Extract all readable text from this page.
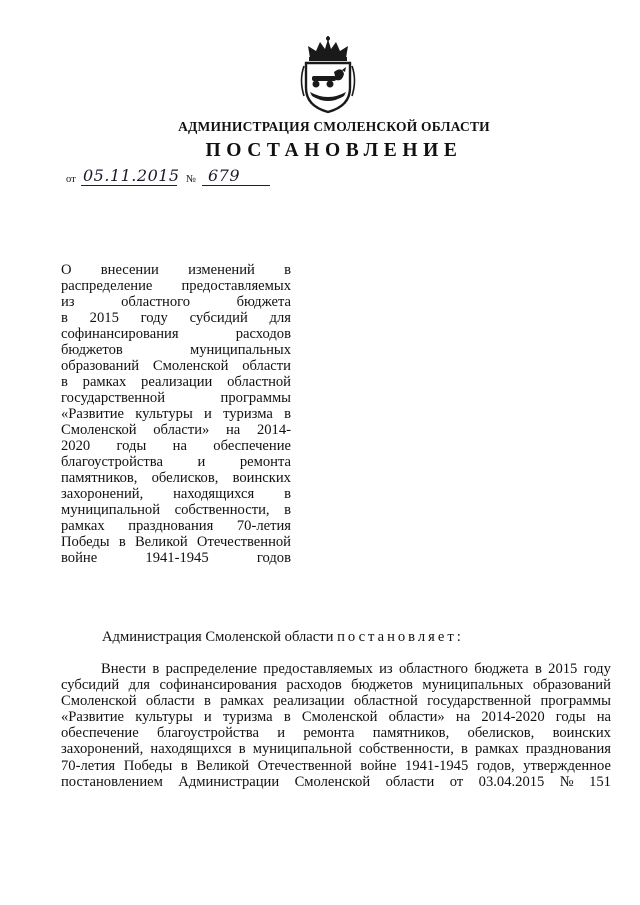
АДМИНИСТРАЦИЯ СМОЛЕНСКОЙ ОБЛАСТИ
ПОСТАНОВЛЕНИЕ
от 05.11.2015 № 679
О внесении изменений в
распределение предоставляемых
из	областного	бюджета
в 2015 году субсидий для
софинансирования	расходов
бюджетов	муниципальных
образований Смоленской области
в рамках реализации областной
государственной	программы
«Развитие культуры и туризма в
Смоленской области» на 2014-
2020 годы на обеспечение
благоустройства и ремонта
памятников, обелисков, воинских
захоронений, находящихся в
муниципальной собственности, в
рамках празднования 70-летия
Победы в Великой Отечественной
войне	1941-1945	годов
Администрация Смоленской области постановляет:
Внести в распределение предоставляемых из областного бюджета в 2015 году
субсидий для софинансирования расходов бюджетов муниципальных образований
Смоленской области в рамках реализации областной государственной программы
«Развитие культуры и туризма в Смоленской области» на 2014-2020 годы на
обеспечение благоустройства и ремонта памятников, обелисков, воинских
захоронений, находящихся в муниципальной собственности, в рамках празднования
70-летия Победы в Великой Отечественной войне 1941-1945 годов, утвержденное
постановлением Администрации Смоленской области от 03.04.2015 № 151
